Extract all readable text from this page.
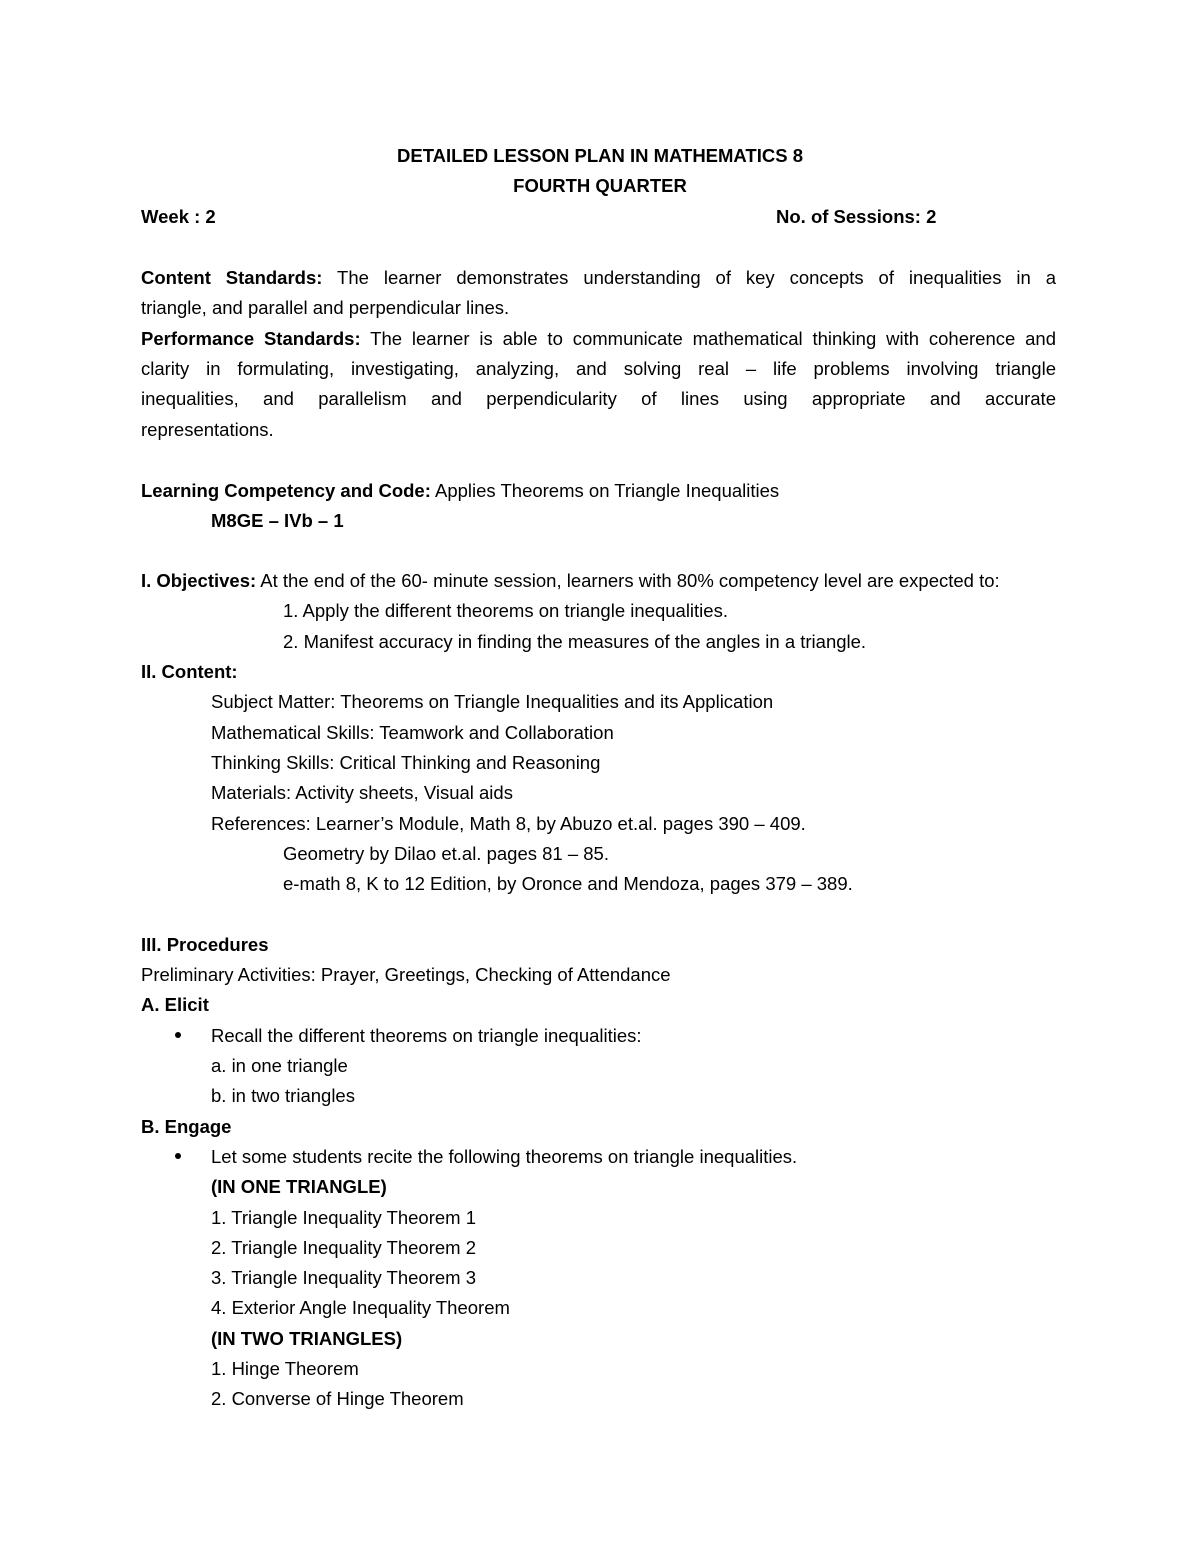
DETAILED LESSON PLAN IN MATHEMATICS 8
FOURTH QUARTER
Week : 2	No. of Sessions: 2
Content Standards: The learner demonstrates understanding of key concepts of inequalities in a
triangle, and parallel and perpendicular lines.
Performance Standards: The learner is able to communicate mathematical thinking with coherence and
clarity in formulating, investigating, analyzing, and solving real – life problems involving triangle
inequalities, and parallelism and perpendicularity of lines using appropriate and accurate
representations.
Learning Competency and Code: Applies Theorems on Triangle Inequalities
M8GE – IVb – 1
I. Objectives: At the end of the 60- minute session, learners with 80% competency level are expected to:
1. Apply the different theorems on triangle inequalities.
2. Manifest accuracy in finding the measures of the angles in a triangle.
II. Content:
Subject Matter: Theorems on Triangle Inequalities and its Application
Mathematical Skills: Teamwork and Collaboration
Thinking Skills: Critical Thinking and Reasoning
Materials: Activity sheets, Visual aids
References: Learner’s Module, Math 8, by Abuzo et.al. pages 390 – 409.
Geometry by Dilao et.al. pages 81 – 85.
e-math 8, K to 12 Edition, by Oronce and Mendoza, pages 379 – 389.
III. Procedures
Preliminary Activities: Prayer, Greetings, Checking of Attendance
A. Elicit
Recall the different theorems on triangle inequalities:
a. in one triangle
b. in two triangles
B. Engage
Let some students recite the following theorems on triangle inequalities.
(IN ONE TRIANGLE)
1. Triangle Inequality Theorem 1
2. Triangle Inequality Theorem 2
3. Triangle Inequality Theorem 3
4. Exterior Angle Inequality Theorem
(IN TWO TRIANGLES)
1. Hinge Theorem
2. Converse of Hinge Theorem
